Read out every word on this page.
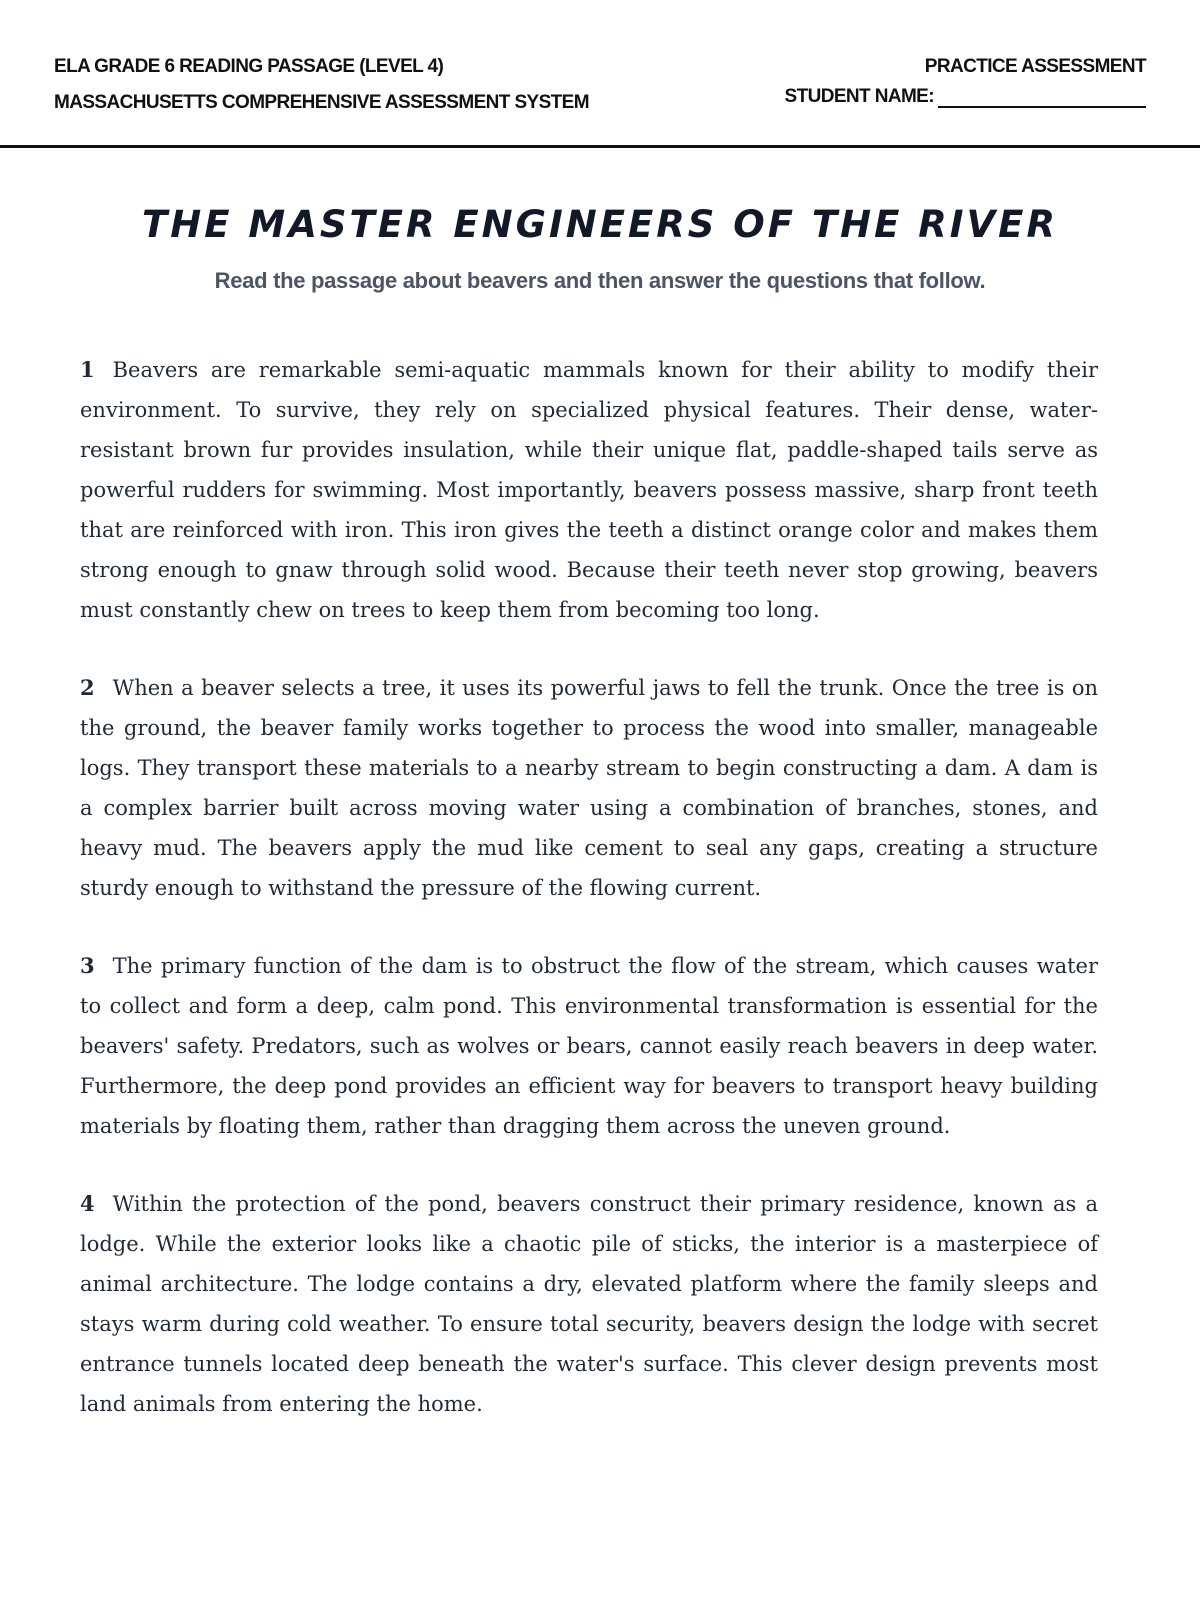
ELA GRADE 6 READING PASSAGE (LEVEL 4)
MASSACHUSETTS COMPREHENSIVE ASSESSMENT SYSTEM
PRACTICE ASSESSMENT
STUDENT NAME:
THE MASTER ENGINEERS OF THE RIVER
Read the passage about beavers and then answer the questions that follow.

1 Beavers are remarkable semi-aquatic mammals known for their ability to modify their environment. To survive, they rely on specialized physical features. Their dense, water-resistant brown fur provides insulation, while their unique flat, paddle-shaped tails serve as powerful rudders for swimming. Most importantly, beavers possess massive, sharp front teeth that are reinforced with iron. This iron gives the teeth a distinct orange color and makes them strong enough to gnaw through solid wood. Because their teeth never stop growing, beavers must constantly chew on trees to keep them from becoming too long.

2 When a beaver selects a tree, it uses its powerful jaws to fell the trunk. Once the tree is on the ground, the beaver family works together to process the wood into smaller, manageable logs. They transport these materials to a nearby stream to begin constructing a dam. A dam is a complex barrier built across moving water using a combination of branches, stones, and heavy mud. The beavers apply the mud like cement to seal any gaps, creating a structure sturdy enough to withstand the pressure of the flowing current.

3 The primary function of the dam is to obstruct the flow of the stream, which causes water to collect and form a deep, calm pond. This environmental transformation is essential for the beavers' safety. Predators, such as wolves or bears, cannot easily reach beavers in deep water. Furthermore, the deep pond provides an efficient way for beavers to transport heavy building materials by floating them, rather than dragging them across the uneven ground.

4 Within the protection of the pond, beavers construct their primary residence, known as a lodge. While the exterior looks like a chaotic pile of sticks, the interior is a masterpiece of animal architecture. The lodge contains a dry, elevated platform where the family sleeps and stays warm during cold weather. To ensure total security, beavers design the lodge with secret entrance tunnels located deep beneath the water's surface. This clever design prevents most land animals from entering the home.
